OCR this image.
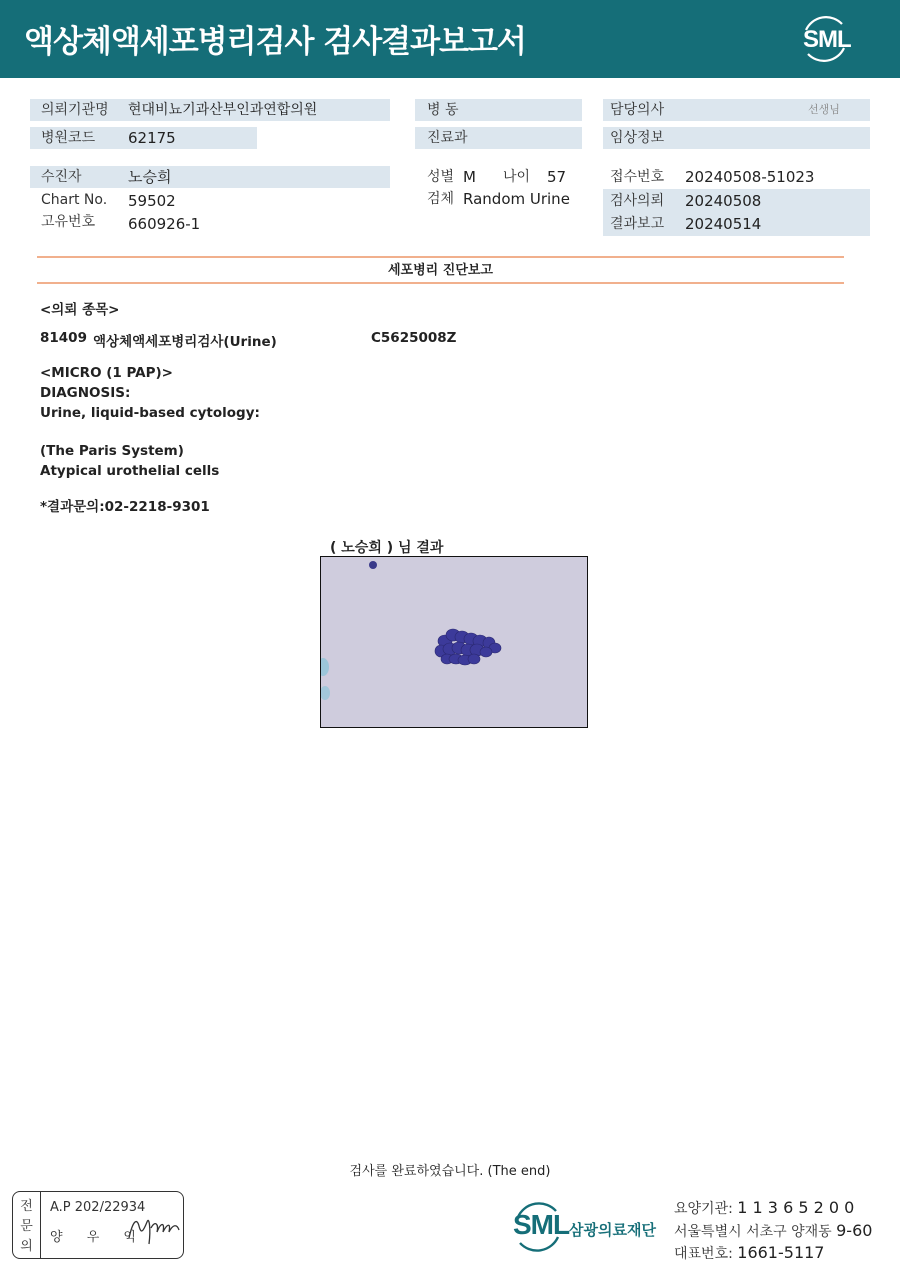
액상체액세포병리검사 검사결과보고서	SML
의뢰기관명 현대비뇨기과산부인과연합의원
병원코드 62175
수진자	노승희
Chart No. 59502
고유번호 660926-1
병 동
진료과
성별 M 나이 57
검체 Random Urine
담당의사	선생님
임상정보
접수번호 20240508-51023
검사의뢰 20240508
결과보고 20240514
세포병리 진단보고
<의뢰 종목>
81409 액상체액세포병리검사(Urine)	C5625008Z
<MICRO (1 PAP)>
DIAGNOSIS:
Urine, liquid-based cytology:
(The Paris System)
Atypical urothelial cells
*결과문의:02-2218-9301
( 노승희 ) 님 결과
검사를 완료하였습니다. (The end)
전
문
의
A.P 202/22934
양 우 익	SML 삼광의료재단
요양기관: 1 1 3 6 5 2 0 0
서울특별시 서초구 양재동 9-60
대표번호: 1661-5117
